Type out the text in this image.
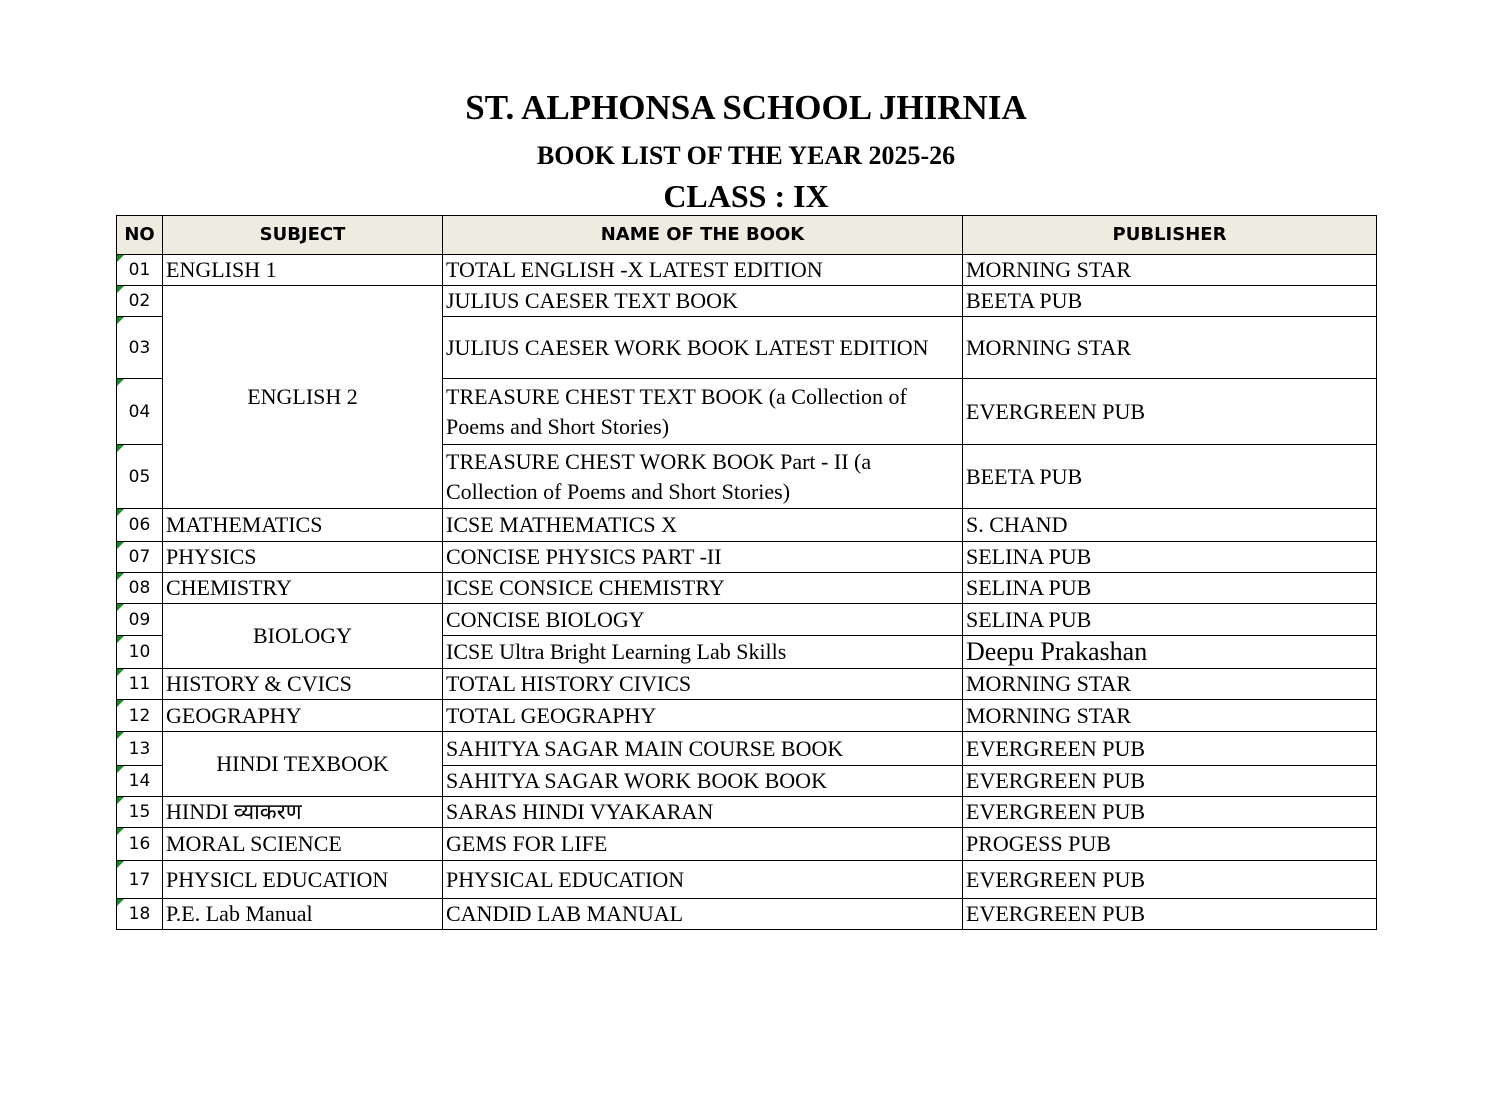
ST. ALPHONSA SCHOOL JHIRNIA
BOOK LIST OF THE YEAR 2025-26
CLASS : IX
NO	SUBJECT	NAME OF THE BOOK	PUBLISHER

01	ENGLISH 1	TOTAL ENGLISH -X LATEST EDITION	MORNING STAR

02	ENGLISH 2	JULIUS CAESER TEXT BOOK	BEETA PUB

03		JULIUS CAESER WORK BOOK LATEST EDITION	MORNING STAR

04		TREASURE CHEST TEXT BOOK (a Collection of Poems and Short Stories)	EVERGREEN PUB

05		TREASURE CHEST WORK BOOK Part - II (a Collection of Poems and Short Stories)	BEETA PUB

06	MATHEMATICS	ICSE MATHEMATICS X	S. CHAND

07	PHYSICS	CONCISE PHYSICS PART -II	SELINA PUB

08	CHEMISTRY	ICSE CONSICE CHEMISTRY	SELINA PUB

09	BIOLOGY	CONCISE BIOLOGY	SELINA PUB

10		ICSE Ultra Bright Learning Lab Skills	Deepu Prakashan

11	HISTORY & CVICS	TOTAL HISTORY CIVICS	MORNING STAR

12	GEOGRAPHY	TOTAL GEOGRAPHY	MORNING STAR

13	HINDI TEXBOOK	SAHITYA SAGAR MAIN COURSE BOOK	EVERGREEN PUB

14		SAHITYA SAGAR WORK BOOK BOOK	EVERGREEN PUB

15	HINDI व्याकरण	SARAS HINDI VYAKARAN	EVERGREEN PUB

16	MORAL SCIENCE	GEMS FOR LIFE	PROGESS PUB

17	PHYSICL EDUCATION	PHYSICAL EDUCATION	EVERGREEN PUB

18	P.E. Lab Manual	CANDID LAB MANUAL	EVERGREEN PUB
